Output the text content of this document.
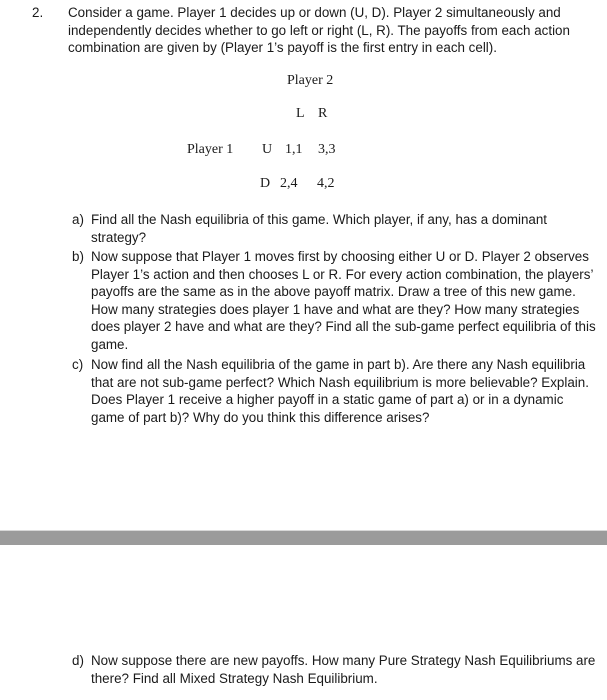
2. Consider a game. Player 1 decides up or down (U, D). Player 2 simultaneously and independently decides whether to go left or right (L, R). The payoffs from each action combination are given by (Player 1’s payoff is the first entry in each cell).
Player 2
L R
Player 1 U 1,1 3,3
D 2,4 4,2
a) Find all the Nash equilibria of this game. Which player, if any, has a dominant strategy?
b) Now suppose that Player 1 moves first by choosing either U or D. Player 2 observes Player 1’s action and then chooses L or R. For every action combination, the players’ payoffs are the same as in the above payoff matrix. Draw a tree of this new game. How many strategies does player 1 have and what are they? How many strategies does player 2 have and what are they? Find all the sub-game perfect equilibria of this game.
c) Now find all the Nash equilibria of the game in part b). Are there any Nash equilibria that are not sub-game perfect? Which Nash equilibrium is more believable? Explain. Does Player 1 receive a higher payoff in a static game of part a) or in a dynamic game of part b)? Why do you think this difference arises?
d) Now suppose there are new payoffs. How many Pure Strategy Nash Equilibriums are there? Find all Mixed Strategy Nash Equilibrium.
